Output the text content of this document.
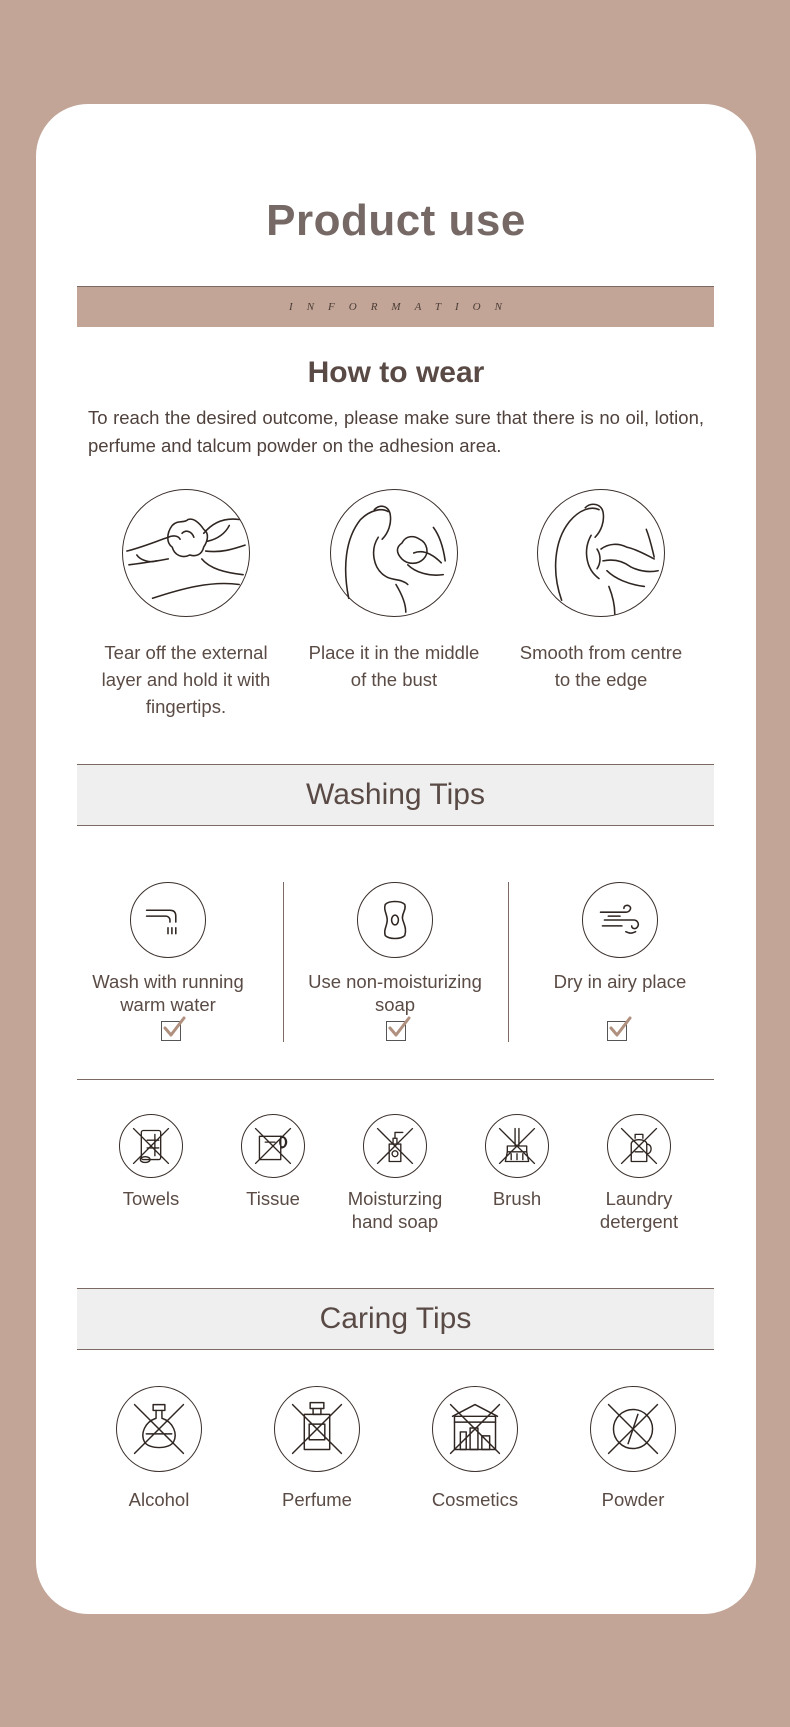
Product use
INFORMATION
How to wear
To reach the desired outcome, please make sure that there is no oil, lotion, perfume and talcum powder on the adhesion area.
Tear off the external
layer and hold it with
fingertips.
Place it in the middle
of the bust
Smooth from centre
to the edge
Washing Tips
Wash with running
warm water
Use non-moisturizing soap
Dry in airy place
Towels	Tissue	Moisturzing
hand soap
Brush	Laundry
detergent
Caring Tips
Alcohol	Perfume	Cosmetics	Powder
